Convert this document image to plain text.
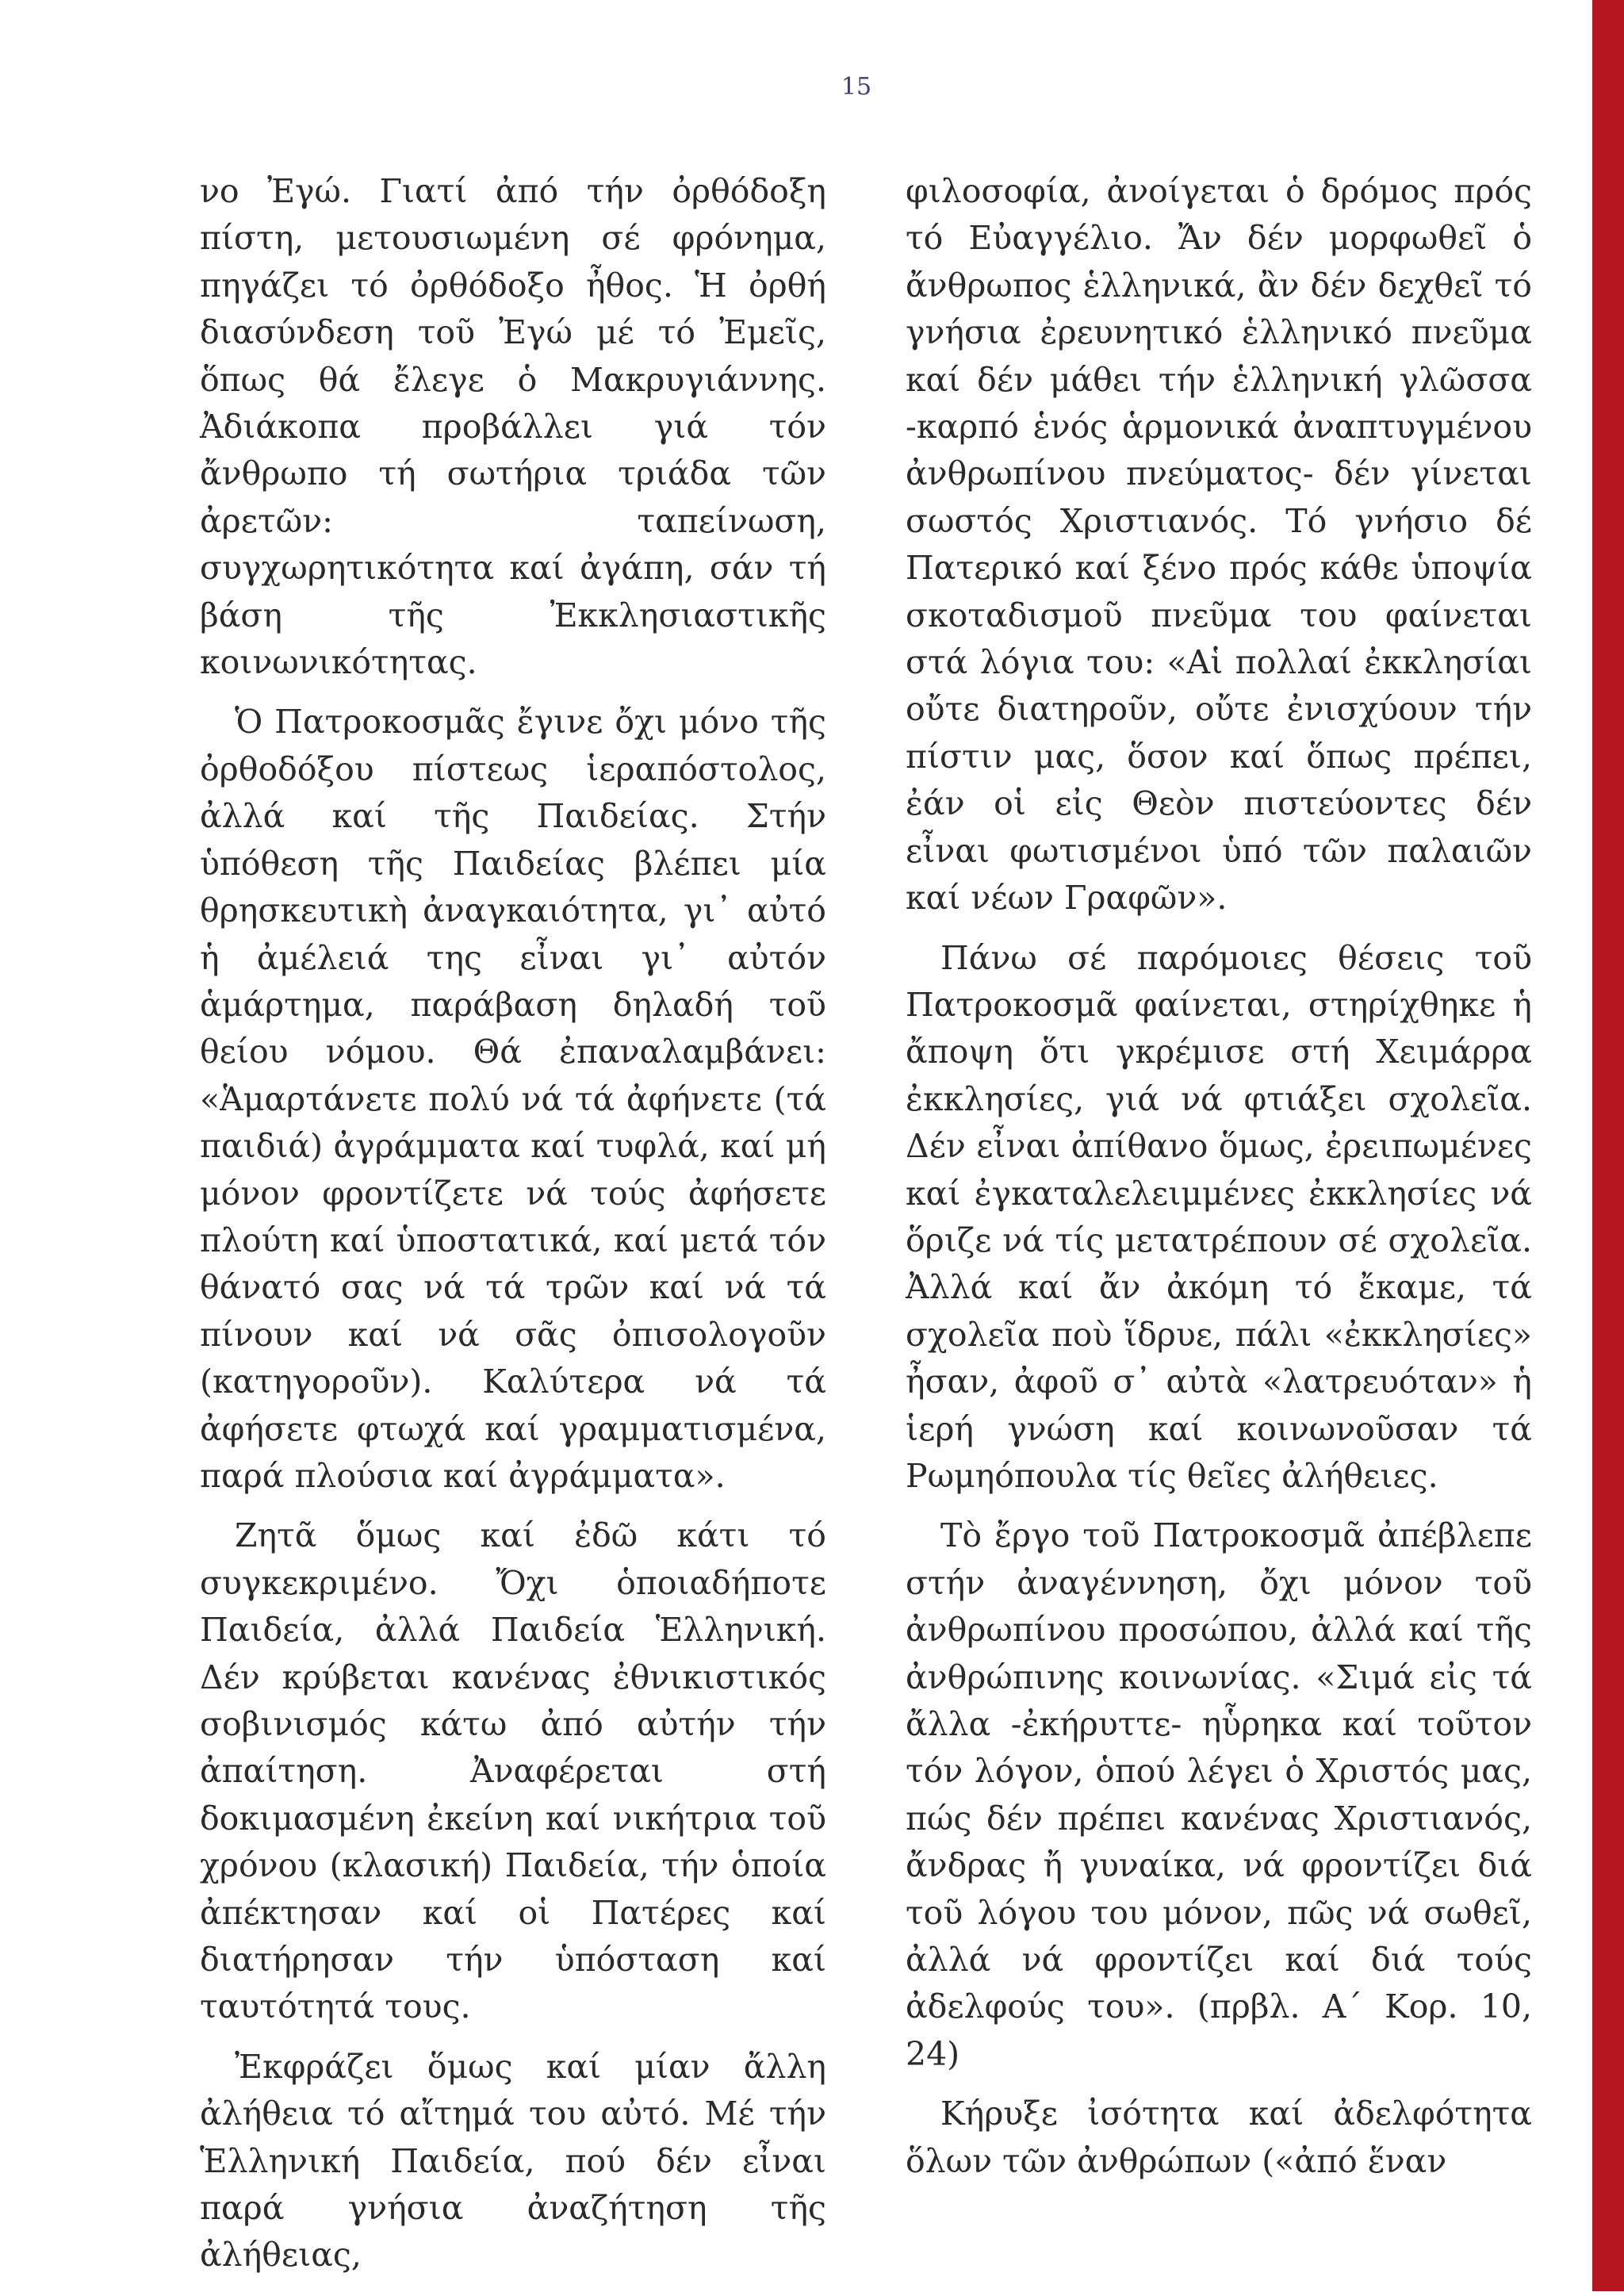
15

νο Ἐγώ. Γιατί ἀπό τήν ὀρθόδοξη πίστη, μετουσιωμένη σέ φρόνημα, πηγάζει τό ὀρθόδοξο ἦθος. Ἡ ὀρθή διασύνδεση τοῦ Ἐγώ μέ τό Ἐμεῖς, ὅπως θά ἔλεγε ὁ Μακρυγιάννης. Ἀδιάκοπα προβάλλει γιά τόν ἄνθρωπο τή σωτήρια τριάδα τῶν ἀρετῶν: ταπείνωση, συγχωρητικότητα καί ἀγάπη, σάν τή βάση τῆς Ἐκκλησιαστικῆς κοινωνικότητας.

Ὁ Πατροκοσμᾶς ἔγινε ὄχι μόνο τῆς ὀρθοδόξου πίστεως ἱεραπόστολος, ἀλλά καί τῆς Παιδείας. Στήν ὑπόθεση τῆς Παιδείας βλέπει μία θρησκευτικὴ ἀναγκαιότητα, γι᾽ αὐτό ἡ ἀμέλειά της εἶναι γι᾽ αὐτόν ἁμάρτημα, παράβαση δηλαδή τοῦ θείου νόμου. Θά ἐπαναλαμβάνει: «Ἁμαρτάνετε πολύ νά τά ἀφήνετε (τά παιδιά) ἀγράμματα καί τυφλά, καί μή μόνον φροντίζετε νά τούς ἀφήσετε πλούτη καί ὑποστατικά, καί μετά τόν θάνατό σας νά τά τρῶν καί νά τά πίνουν καί νά σᾶς ὀπισολογοῦν (κατηγοροῦν). Καλύτερα νά τά ἀφήσετε φτωχά καί γραμματισμένα, παρά πλούσια καί ἀγράμματα».

Ζητᾶ ὅμως καί ἐδῶ κάτι τό συγκεκριμένο. Ὄχι ὁποιαδήποτε Παιδεία, ἀλλά Παιδεία Ἑλληνική. Δέν κρύβεται κανένας ἐθνικιστικός σοβινισμός κάτω ἀπό αὐτήν τήν ἀπαίτηση. Ἀναφέρεται στή δοκιμασμένη ἐκείνη καί νικήτρια τοῦ χρόνου (κλασική) Παιδεία, τήν ὁποία ἀπέκτησαν καί οἱ Πατέρες καί διατήρησαν τήν ὑπόσταση καί ταυτότητά τους.

Ἐκφράζει ὅμως καί μίαν ἄλλη ἀλήθεια τό αἴτημά του αὐτό. Μέ τήν Ἑλληνική Παιδεία, πού δέν εἶναι παρά γνήσια ἀναζήτηση τῆς ἀλήθειας,

φιλοσοφία, ἀνοίγεται ὁ δρόμος πρός τό Εὐαγγέλιο. Ἄν δέν μορφωθεῖ ὁ ἄνθρωπος ἑλληνικά, ἂν δέν δεχθεῖ τό γνήσια ἐρευνητικό ἑλληνικό πνεῦμα καί δέν μάθει τήν ἑλληνική γλῶσσα -καρπό ἑνός ἁρμονικά ἀναπτυγμένου ἀνθρωπίνου πνεύματος- δέν γίνεται σωστός Χριστιανός. Τό γνήσιο δέ Πατερικό καί ξένο πρός κάθε ὑποψία σκοταδισμοῦ πνεῦμα του φαίνεται στά λόγια του: «Αἱ πολλαί ἐκκλησίαι οὔτε διατηροῦν, οὔτε ἐνισχύουν τήν πίστιν μας, ὅσον καί ὅπως πρέπει, ἐάν οἱ εἰς Θεὸν πιστεύοντες δέν εἶναι φωτισμένοι ὑπό τῶν παλαιῶν καί νέων Γραφῶν».

Πάνω σέ παρόμοιες θέσεις τοῦ Πατροκοσμᾶ φαίνεται, στηρίχθηκε ἡ ἄποψη ὅτι γκρέμισε στή Χειμάρρα ἐκκλησίες, γιά νά φτιάξει σχολεῖα. Δέν εἶναι ἀπίθανο ὅμως, ἐρειπωμένες καί ἐγκαταλελειμμένες ἐκκλησίες νά ὅριζε νά τίς μετατρέπουν σέ σχολεῖα. Ἀλλά καί ἄν ἀκόμη τό ἔκαμε, τά σχολεῖα ποὺ ἵδρυε, πάλι «ἐκκλησίες» ἦσαν, ἀφοῦ σ᾽ αὐτὰ «λατρευόταν» ἡ ἱερή γνώση καί κοινωνοῦσαν τά Ρωμηόπουλα τίς θεῖες ἀλήθειες.

Τὸ ἔργο τοῦ Πατροκοσμᾶ ἀπέβλεπε στήν ἀναγέννηση, ὄχι μόνον τοῦ ἀνθρωπίνου προσώπου, ἀλλά καί τῆς ἀνθρώπινης κοινωνίας. «Σιμά εἰς τά ἄλλα -ἐκήρυττε- ηὗρηκα καί τοῦτον τόν λόγον, ὁπού λέγει ὁ Χριστός μας, πώς δέν πρέπει κανένας Χριστιανός, ἄνδρας ἤ γυναίκα, νά φροντίζει διά τοῦ λόγου του μόνον, πῶς νά σωθεῖ, ἀλλά νά φροντίζει καί διά τούς ἀδελφούς του». (πρβλ. Α΄ Κορ. 10, 24)

Κήρυξε ἰσότητα καί ἀδελφότητα ὅλων τῶν ἀνθρώπων («ἀπό ἕναν
